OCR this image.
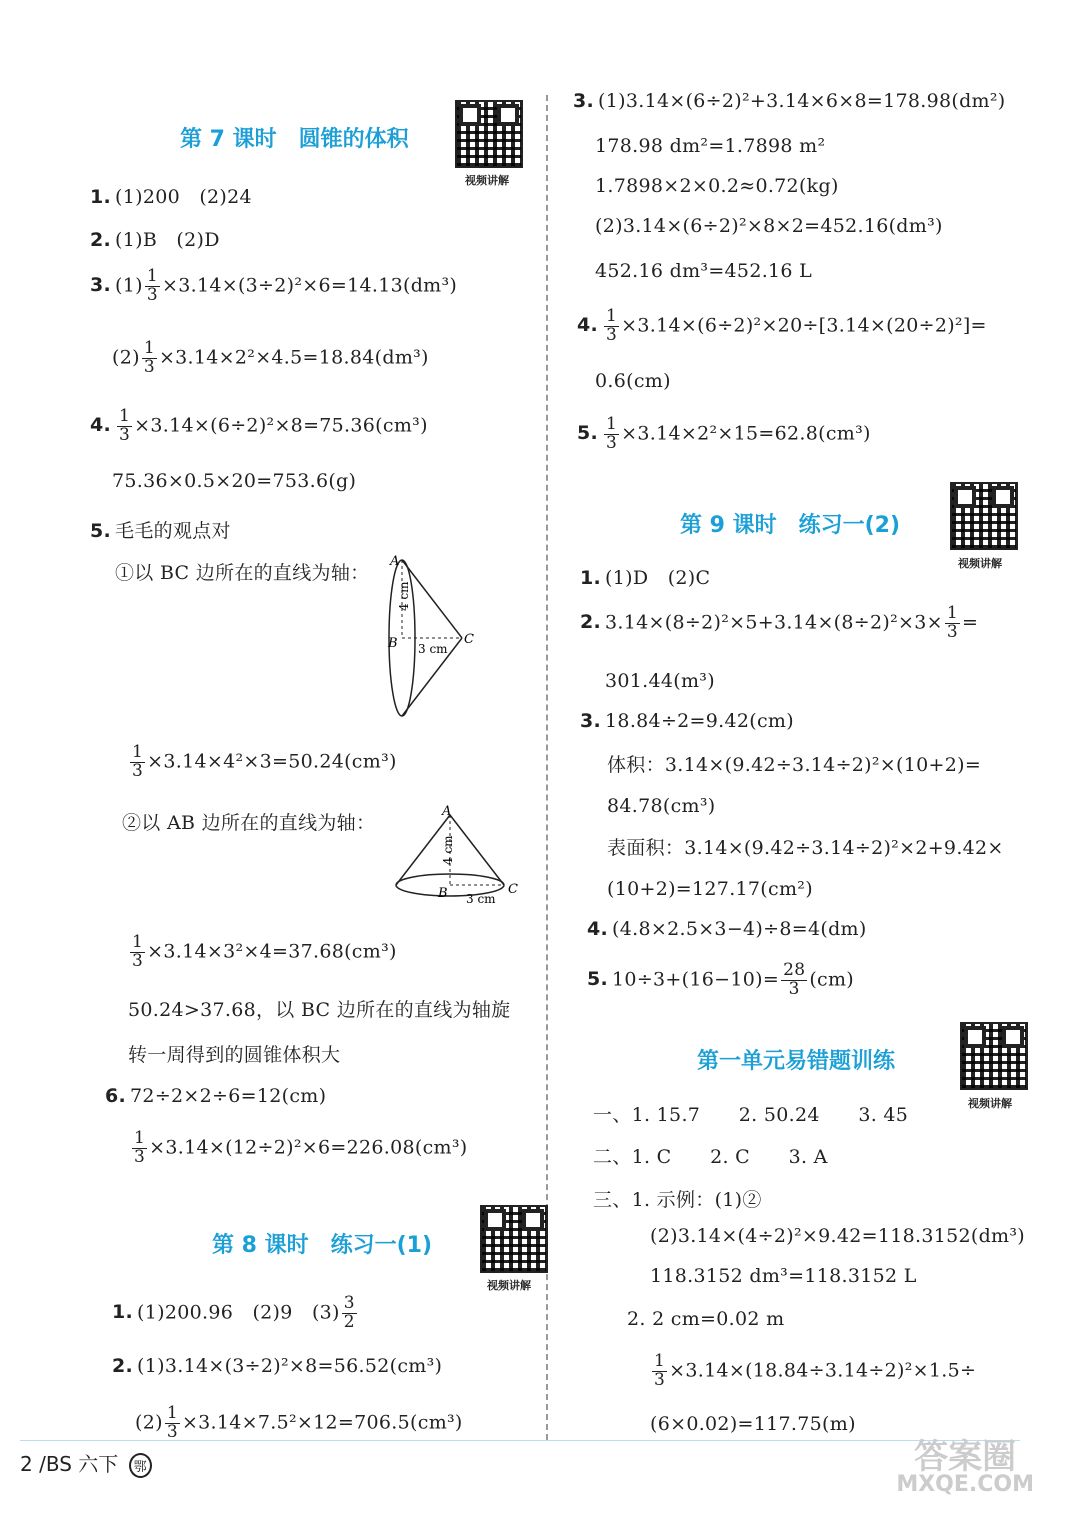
第 7 课时　圆锥的体积
视频讲解
1. (1)200　(2)24
2. (1)B　(2)D
3. $(1) \frac{1}{3} \times 3.14\times(3\div 2)^2\times 6=14.13(dm^3)$
$(2) \frac{1}{3} \times 3.14\times 2^2\times 4.5=18.84(dm^3)$
4. $\frac{1}{3} \times 3.14\times(6\div 2)^2\times 8=75.36(cm^3)$
75.36×0.5×20=753.6(g)
5. 毛毛的观点对
①以 BC 边所在的直线为轴：
A
B	C
3 cm
4 cm
$\frac{1}{3} \times 3.14\times 4^2\times 3=50.24(cm^3)$
②以 AB 边所在的直线为轴：
A
B	C
3 cm
4 cm
$\frac{1}{3} \times 3.14\times 3^2\times 4=37.68(cm^3)$
50.24>37.68，以 BC 边所在的直线为轴旋
转一周得到的圆锥体积大
6. 72÷2×2÷6=12(cm)
$\frac{1}{3} \times 3.14\times(12\div 2)^2\times 6=226.08(cm^3)$
第 8 课时　练习一(1)
视频讲解
1. (1)200.96　(2)9　$(3) \frac{3}{2}$
2. (1)3.14×(3÷2)²×8=56.52(cm³)
$(2) \frac{1}{3} \times 3.14\times 7.5^2\times 12=706.5(cm^3)$
3. (1)3.14×(6÷2)²+3.14×6×8=178.98(dm²)
178.98 dm²=1.7898 m²
1.7898×2×0.2≈0.72(kg)
(2)3.14×(6÷2)²×8×2=452.16(dm³)
452.16 dm³=452.16 L
4. $\frac{1}{3} \times 3.14\times(6\div 2)^2\times 20\div[3.14\times(20\div 2)^2]=$
0.6(cm)
5. $\frac{1}{3} \times 3.14\times 2^2\times 15=62.8(cm^3)$
第 9 课时　练习一(2)
视频讲解
1. (1)D　(2)C
2. $3.14\times(8\div 2)^2\times 5+3.14\times(8\div 2)^2\times 3\times \frac{1}{3}$ =
301.44(m³)
3. 18.84÷2=9.42(cm)
体积：3.14×(9.42÷3.14÷2)²×(10+2)=
84.78(cm³)
表面积：3.14×(9.42÷3.14÷2)²×2+9.42×
(10+2)=127.17(cm²)
4. (4.8×2.5×3−4)÷8=4(dm)
5. $10\div 3+(16-10)= \frac{28}{3} (cm)$
第一单元易错题训练
视频讲解
一、1. 15.7　　2. 50.24　　3. 45
二、1. C　　2. C　　3. A
三、1. 示例：(1)②
(2)3.14×(4÷2)²×9.42=118.3152(dm³)
118.3152 dm³=118.3152 L
2. 2 cm=0.02 m
$\frac{1}{3} \times 3.14\times(18.84\div 3.14\div 2)^2\times 1.5\div$
(6×0.02)=117.75(m)
2 /BS 六下 鄂	答案圈
MXQE.COM
